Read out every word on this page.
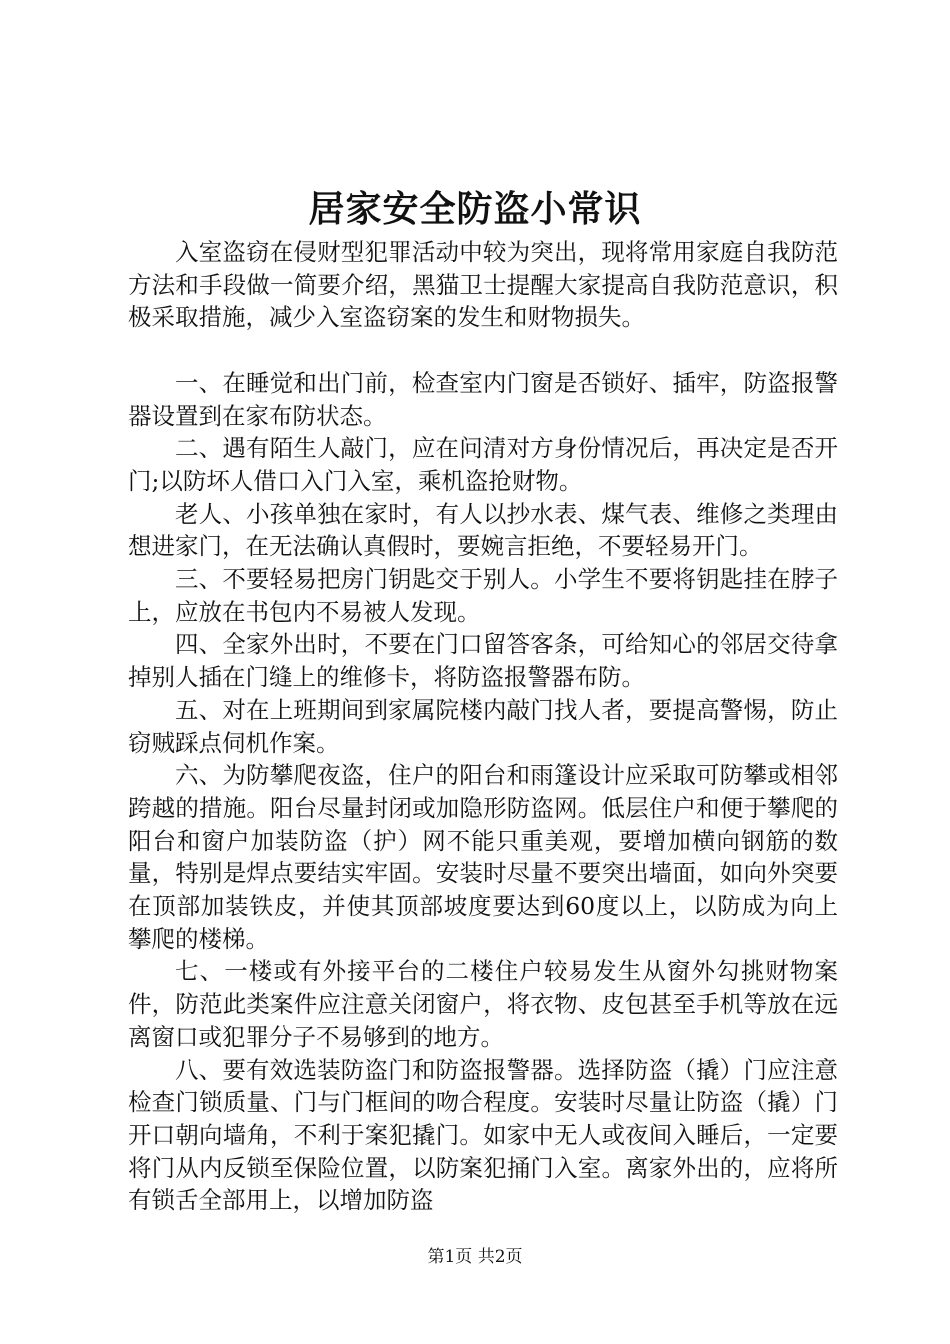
居家安全防盗小常识

入室盗窃在侵财型犯罪活动中较为突出，现将常用家庭自我防范方法和手段做一简要介绍，黑猫卫士提醒大家提高自我防范意识，积极采取措施，减少入室盗窃案的发生和财物损失。

一、在睡觉和出门前，检查室内门窗是否锁好、插牢，防盗报警器设置到在家布防状态。

二、遇有陌生人敲门，应在问清对方身份情况后，再决定是否开门;以防坏人借口入门入室，乘机盗抢财物。

老人、小孩单独在家时，有人以抄水表、煤气表、维修之类理由想进家门，在无法确认真假时，要婉言拒绝，不要轻易开门。

三、不要轻易把房门钥匙交于别人。小学生不要将钥匙挂在脖子上，应放在书包内不易被人发现。

四、全家外出时，不要在门口留答客条，可给知心的邻居交待拿掉别人插在门缝上的维修卡，将防盗报警器布防。

五、对在上班期间到家属院楼内敲门找人者，要提高警惕，防止窃贼踩点伺机作案。

六、为防攀爬夜盗，住户的阳台和雨篷设计应采取可防攀或相邻跨越的措施。阳台尽量封闭或加隐形防盗网。低层住户和便于攀爬的阳台和窗户加装防盗（护）网不能只重美观，要增加横向钢筋的数量，特别是焊点要结实牢固。安装时尽量不要突出墙面，如向外突要在顶部加装铁皮，并使其顶部坡度要达到60度以上，以防成为向上攀爬的楼梯。

七、一楼或有外接平台的二楼住户较易发生从窗外勾挑财物案件，防范此类案件应注意关闭窗户，将衣物、皮包甚至手机等放在远离窗口或犯罪分子不易够到的地方。

八、要有效选装防盗门和防盗报警器。选择防盗（撬）门应注意检查门锁质量、门与门框间的吻合程度。安装时尽量让防盗（撬）门开口朝向墙角，不利于案犯撬门。如家中无人或夜间入睡后，一定要将门从内反锁至保险位置，以防案犯捅门入室。离家外出的，应将所有锁舌全部用上，以增加防盗

第1页 共2页
